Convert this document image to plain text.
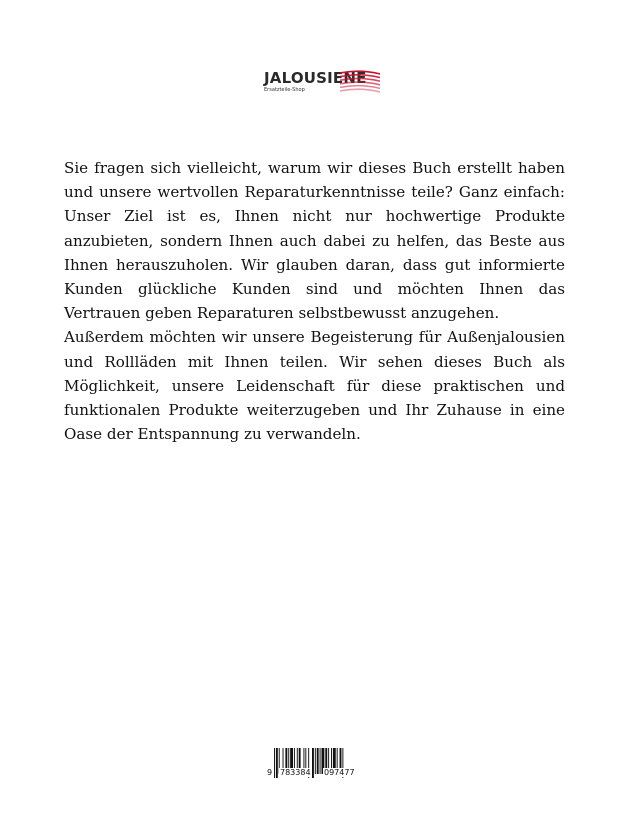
JALOUSIENE
Ersatzteile-Shop

Sie fragen sich vielleicht, warum wir dieses Buch erstellt haben und unsere wertvollen Reparaturkenntnisse teile? Ganz einfach: Unser Ziel ist es, Ihnen nicht nur hochwertige Produkte anzubieten, sondern Ihnen auch dabei zu helfen, das Beste aus Ihnen herauszuholen. Wir glauben daran, dass gut informierte Kunden glückliche Kunden sind und möchten Ihnen das Vertrauen geben Reparaturen selbstbewusst anzugehen.

Außerdem möchten wir unsere Begeisterung für Außenjalousien und Rollläden mit Ihnen teilen. Wir sehen dieses Buch als Möglichkeit, unsere Leidenschaft für diese praktischen und funktionalen Produkte weiterzugeben und Ihr Zuhause in eine Oase der Entspannung zu verwandeln.

9 783384 097477
